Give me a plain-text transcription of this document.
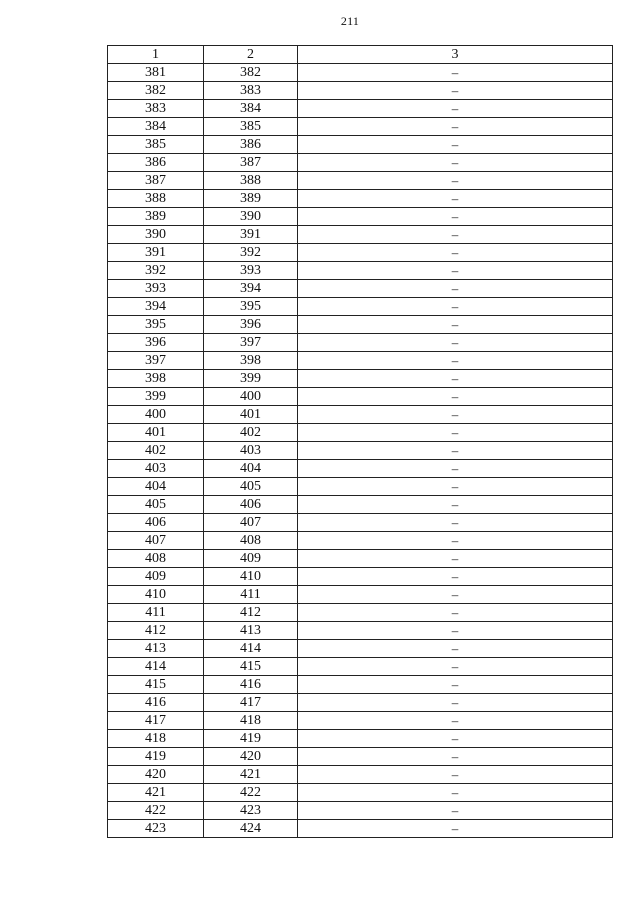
211
1	2	3
381	382	–
382	383	–
383	384	–
384	385	–
385	386	–
386	387	–
387	388	–
388	389	–
389	390	–
390	391	–
391	392	–
392	393	–
393	394	–
394	395	–
395	396	–
396	397	–
397	398	–
398	399	–
399	400	–
400	401	–
401	402	–
402	403	–
403	404	–
404	405	–
405	406	–
406	407	–
407	408	–
408	409	–
409	410	–
410	411	–
411	412	–
412	413	–
413	414	–
414	415	–
415	416	–
416	417	–
417	418	–
418	419	–
419	420	–
420	421	–
421	422	–
422	423	–
423	424	–
